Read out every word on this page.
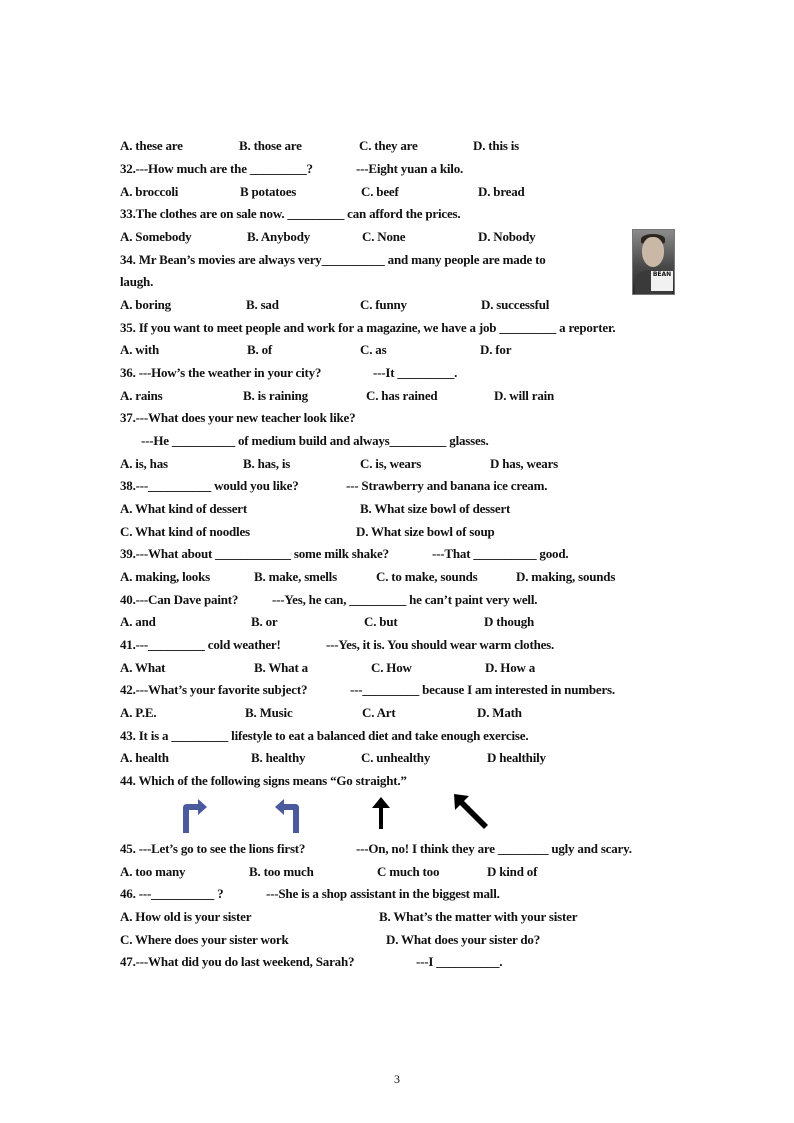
A. these are	B. those are	C. they are	D. this is
32.---How much are the _________?	---Eight yuan a kilo.
A. broccoli	B potatoes	C. beef	D. bread
33.The clothes are on sale now. _________ can afford the prices.
A. Somebody	B. Anybody	C. None	D. Nobody
34. Mr Bean’s movies are always very__________ and many people are made to
laugh.	BEAN
A. boring	B. sad	C. funny	D. successful
35. If you want to meet people and work for a magazine, we have a job _________ a reporter.
A. with	B. of	C. as	D. for
36. ---How’s the weather in your city?	---It _________.
A. rains	B. is raining	C. has rained	D. will rain
37.---What does your new teacher look like?
---He __________ of medium build and always_________ glasses.
A. is, has	B. has, is	C. is, wears	D has, wears
38.---__________ would you like?	--- Strawberry and banana ice cream.
A. What kind of dessert	B. What size bowl of dessert
C. What kind of noodles	D. What size bowl of soup
39.---What about ____________ some milk shake?	---That __________ good.
A. making, looks	B. make, smells	C. to make, sounds	D. making, sounds
40.---Can Dave paint?	---Yes, he can, _________ he can’t paint very well.
A. and	B. or	C. but	D though
41.---_________ cold weather!	---Yes, it is. You should wear warm clothes.
A. What	B. What a	C. How	D. How a
42.---What’s your favorite subject?	---_________ because I am interested in numbers.
A. P.E.	B. Music	C. Art	D. Math
43. It is a _________ lifestyle to eat a balanced diet and take enough exercise.
A. health	B. healthy	C. unhealthy	D healthily
44. Which of the following signs means “Go straight.”
45. ---Let’s go to see the lions first?	---On, no! I think they are ________ ugly and scary.
A. too many	B. too much	C much too	D kind of
46. ---__________ ?	---She is a shop assistant in the biggest mall.
A. How old is your sister	B. What’s the matter with your sister
C. Where does your sister work	D. What does your sister do?
47.---What did you do last weekend, Sarah?	---I __________.
3
